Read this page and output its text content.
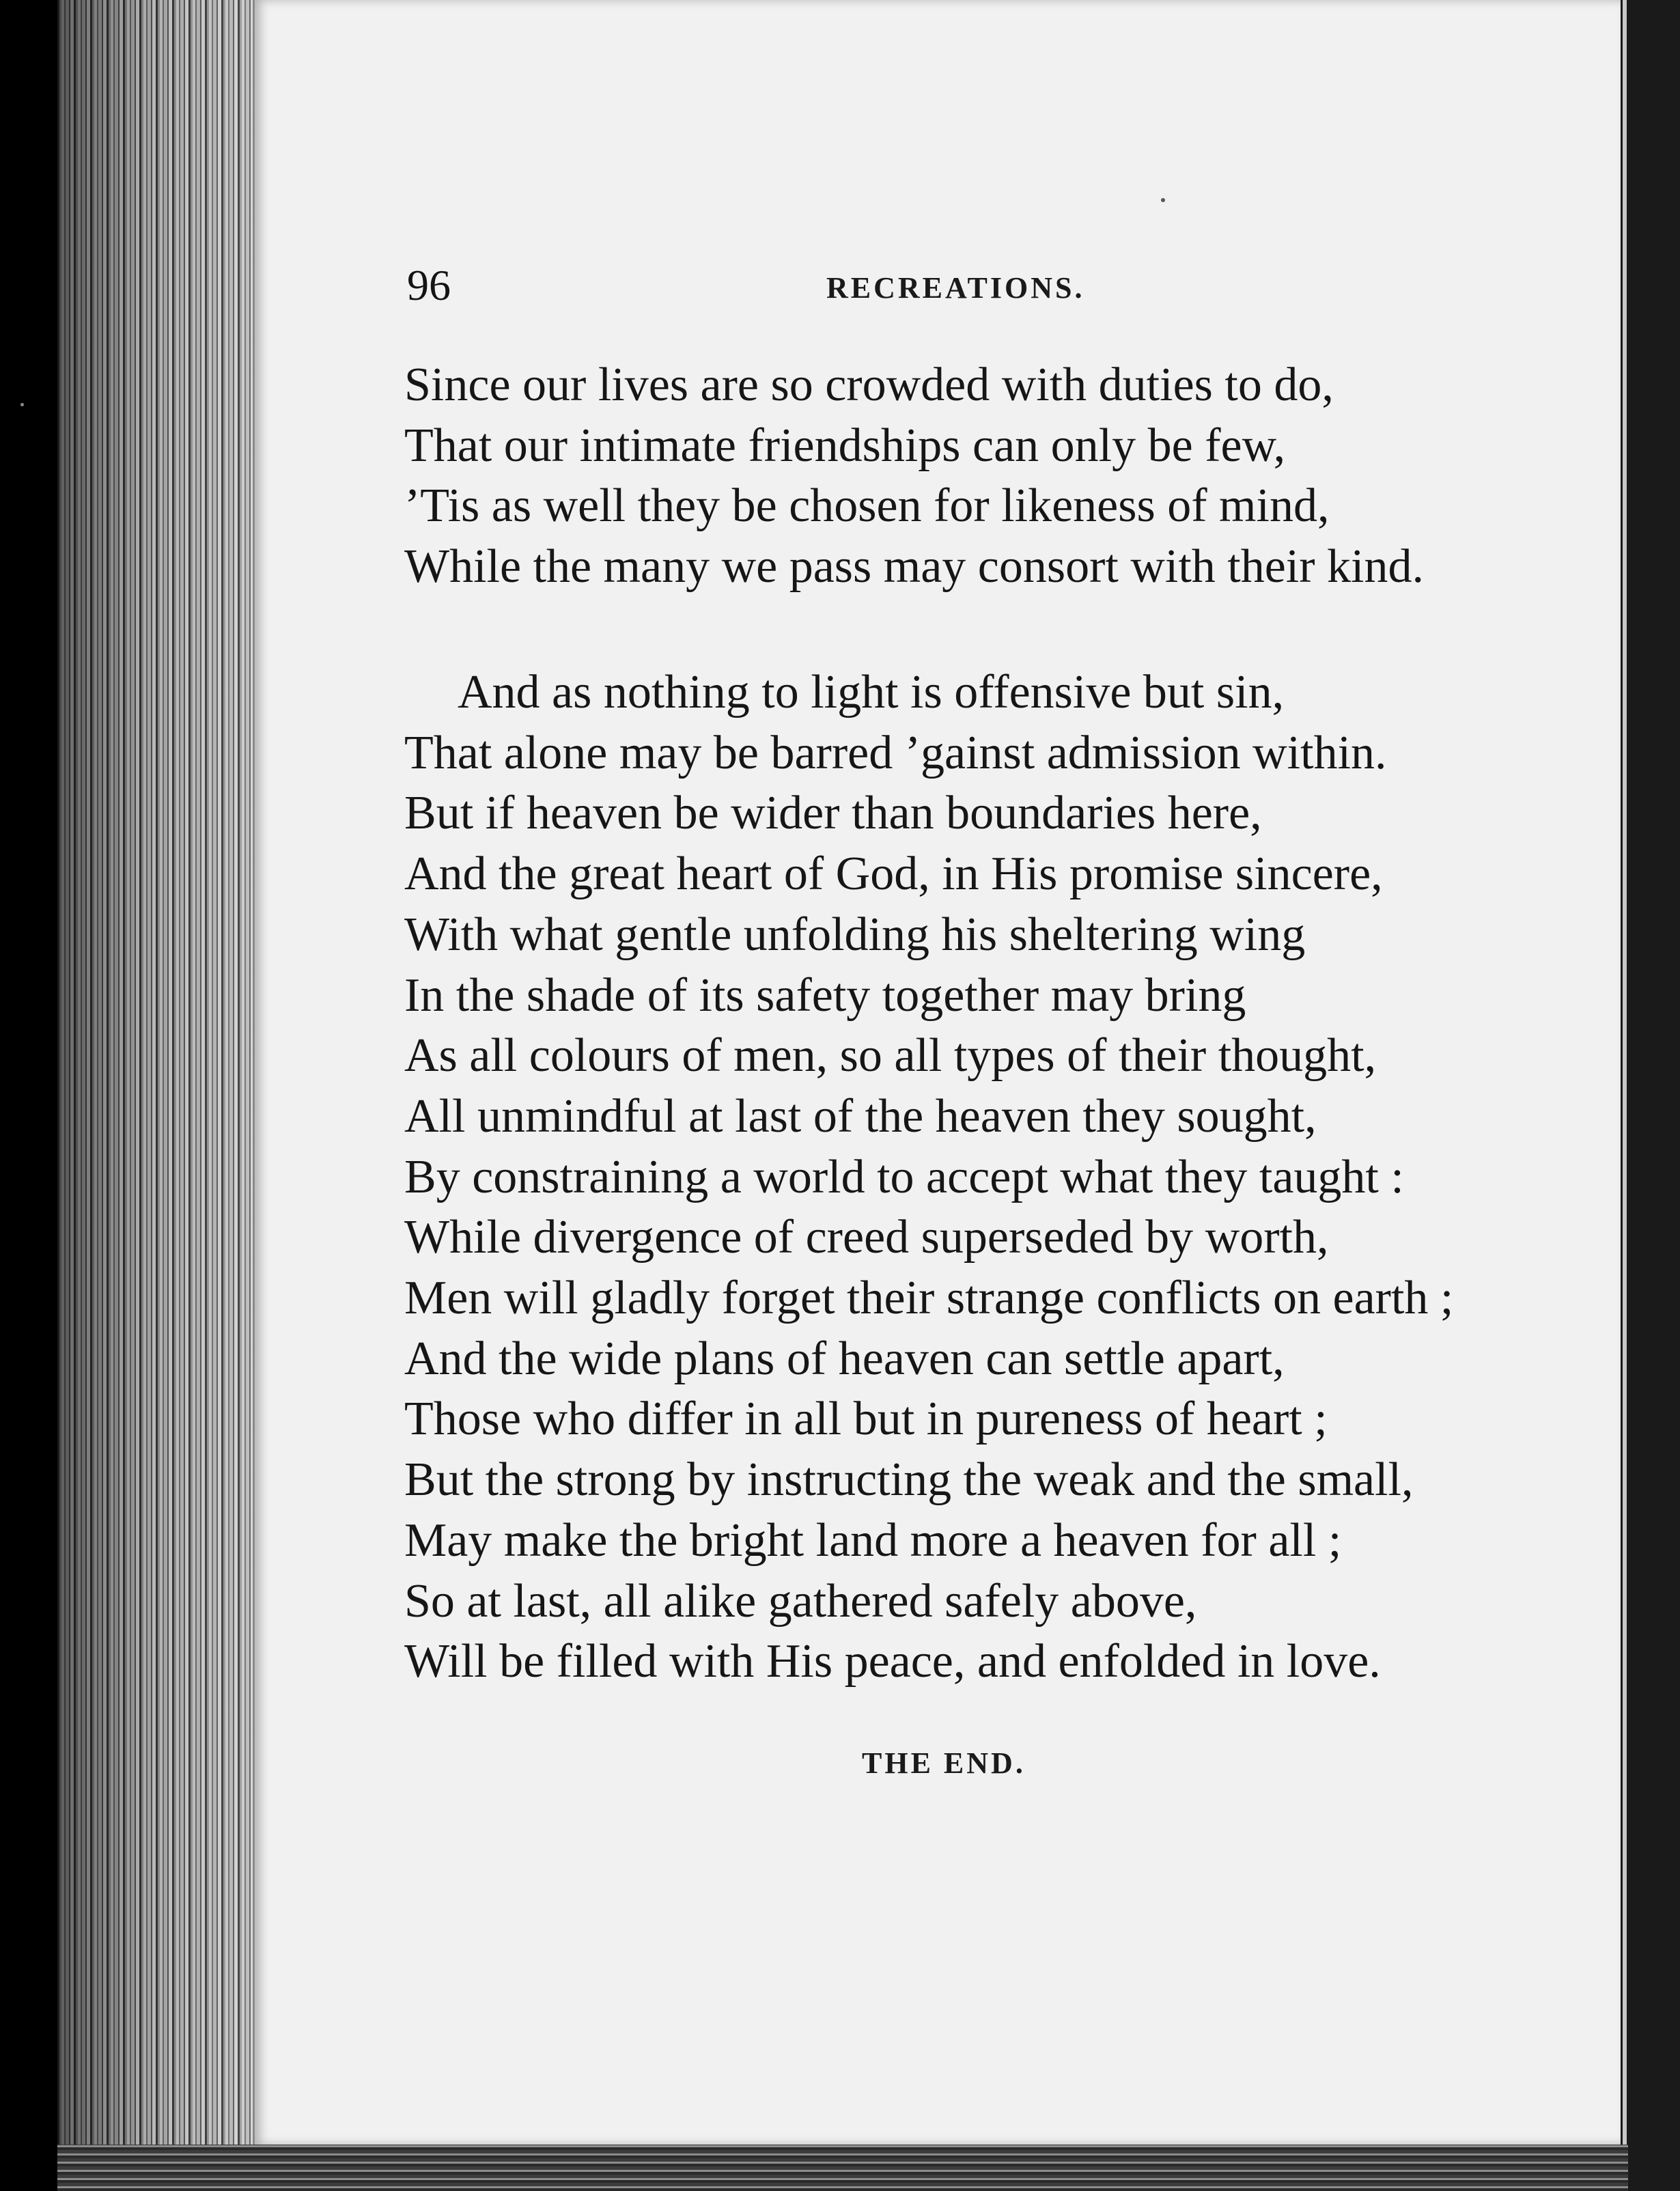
96	RECREATIONS.
Since our lives are so crowded with duties to do,
That our intimate friendships can only be few,
’Tis as well they be chosen for likeness of mind,
While the many we pass may consort with their kind.
And as nothing to light is offensive but sin,
That alone may be barred ’gainst admission within.
But if heaven be wider than boundaries here,
And the great heart of God, in His promise sincere,
With what gentle unfolding his sheltering wing
In the shade of its safety together may bring
As all colours of men, so all types of their thought,
All unmindful at last of the heaven they sought,
By constraining a world to accept what they taught :
While divergence of creed superseded by worth,
Men will gladly forget their strange conflicts on earth ;
And the wide plans of heaven can settle apart,
Those who differ in all but in pureness of heart ;
But the strong by instructing the weak and the small,
May make the bright land more a heaven for all ;
So at last, all alike gathered safely above,
Will be filled with His peace, and enfolded in love.
THE END.
